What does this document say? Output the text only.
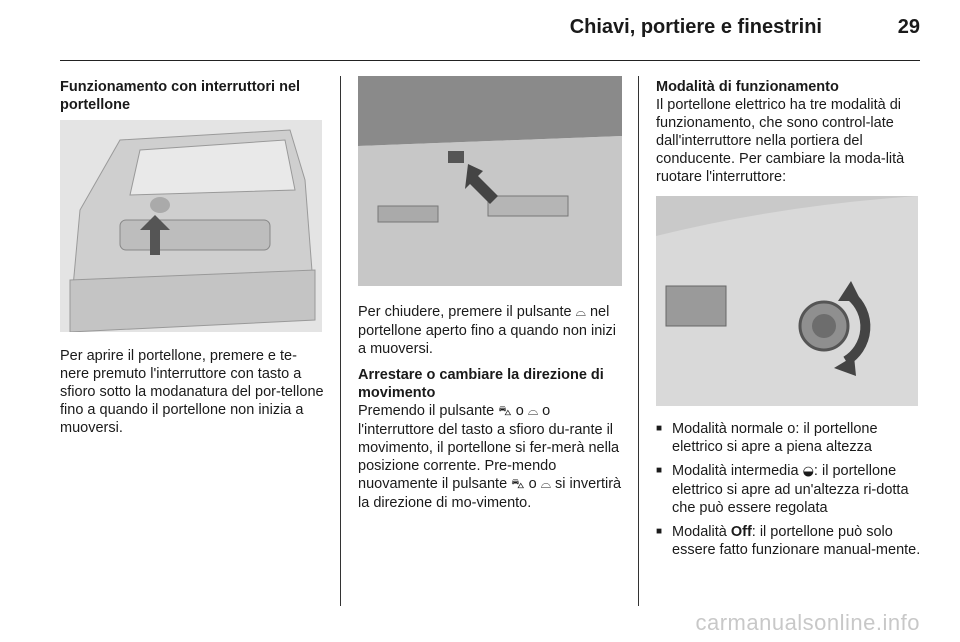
Chiavi, portiere e finestrini	29
Funzionamento con interruttori nel portellone

Per aprire il portellone, premere e te-nere premuto l'interruttore con tasto a sfioro sotto la modanatura del por-tellone fino a quando il portellone non inizia a muoversi.

Per chiudere, premere il pulsante ⌓ nel portellone aperto fino a quando non inizi a muoversi.

Arrestare o cambiare la direzione di movimento

Premendo il pulsante ⛍ o ⌓ o l'interruttore del tasto a sfioro du-rante il movimento, il portellone si fer-merà nella posizione corrente. Pre-mendo nuovamente il pulsante ⛍ o ⌓ si invertirà la direzione di mo-vimento.

Modalità di funzionamento

Il portellone elettrico ha tre modalità di funzionamento, che sono control-late dall'interruttore nella portiera del conducente. Per cambiare la moda-lità ruotare l'interruttore:

■ Modalità normale o: il portellone elettrico si apre a piena altezza
■ Modalità intermedia ◒: il portellone elettrico si apre ad un'altezza ri-dotta che può essere regolata
■ Modalità Off: il portellone può solo essere fatto funzionare manual-mente.
carmanualsonline.info
